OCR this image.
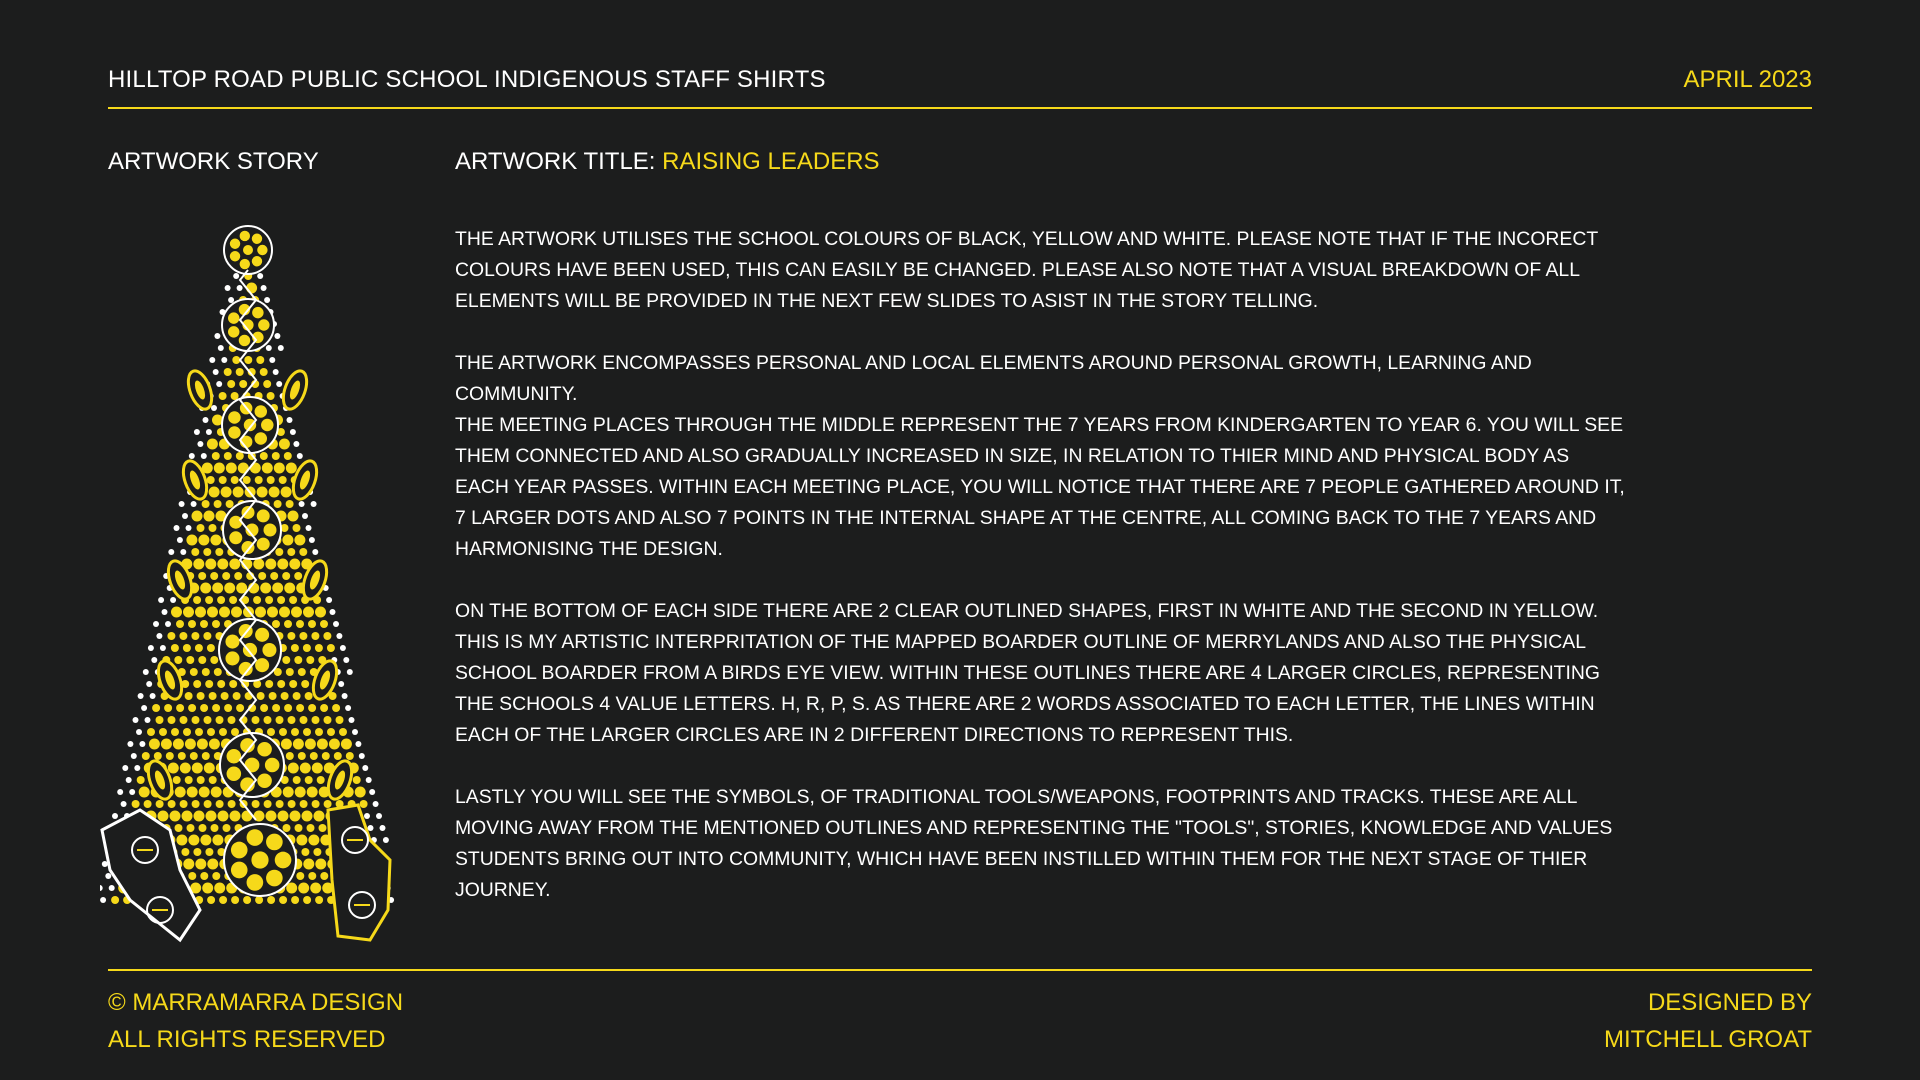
HILLTOP ROAD PUBLIC SCHOOL INDIGENOUS STAFF SHIRTS	APRIL 2023
ARTWORK STORY	ARTWORK TITLE: RAISING LEADERS

THE ARTWORK UTILISES THE SCHOOL COLOURS OF BLACK, YELLOW AND WHITE. PLEASE NOTE THAT IF THE INCORECT COLOURS HAVE BEEN USED, THIS CAN EASILY BE CHANGED. PLEASE ALSO NOTE THAT A VISUAL BREAKDOWN OF ALL ELEMENTS WILL BE PROVIDED IN THE NEXT FEW SLIDES TO ASIST IN THE STORY TELLING.

THE ARTWORK ENCOMPASSES PERSONAL AND LOCAL ELEMENTS AROUND PERSONAL GROWTH, LEARNING AND COMMUNITY.

THE MEETING PLACES THROUGH THE MIDDLE REPRESENT THE 7 YEARS FROM KINDERGARTEN TO YEAR 6. YOU WILL SEE THEM CONNECTED AND ALSO GRADUALLY INCREASED IN SIZE, IN RELATION TO THIER MIND AND PHYSICAL BODY AS EACH YEAR PASSES. WITHIN EACH MEETING PLACE, YOU WILL NOTICE THAT THERE ARE 7 PEOPLE GATHERED AROUND IT, 7 LARGER DOTS AND ALSO 7 POINTS IN THE INTERNAL SHAPE AT THE CENTRE, ALL COMING BACK TO THE 7 YEARS AND HARMONISING THE DESIGN.

ON THE BOTTOM OF EACH SIDE THERE ARE 2 CLEAR OUTLINED SHAPES, FIRST IN WHITE AND THE SECOND IN YELLOW. THIS IS MY ARTISTIC INTERPRITATION OF THE MAPPED BOARDER OUTLINE OF MERRYLANDS AND ALSO THE PHYSICAL SCHOOL BOARDER FROM A BIRDS EYE VIEW. WITHIN THESE OUTLINES THERE ARE 4 LARGER CIRCLES, REPRESENTING THE SCHOOLS 4 VALUE LETTERS. H, R, P, S. AS THERE ARE 2 WORDS ASSOCIATED TO EACH LETTER, THE LINES WITHIN EACH OF THE LARGER CIRCLES ARE IN 2 DIFFERENT DIRECTIONS TO REPRESENT THIS.

LASTLY YOU WILL SEE THE SYMBOLS, OF TRADITIONAL TOOLS/WEAPONS, FOOTPRINTS AND TRACKS. THESE ARE ALL MOVING AWAY FROM THE MENTIONED OUTLINES AND REPRESENTING THE "TOOLS", STORIES, KNOWLEDGE AND VALUES STUDENTS BRING OUT INTO COMMUNITY, WHICH HAVE BEEN INSTILLED WITHIN THEM FOR THE NEXT STAGE OF THIER JOURNEY.

© MARRAMARRA DESIGN
ALL RIGHTS RESERVED
DESIGNED BY
MITCHELL GROAT
